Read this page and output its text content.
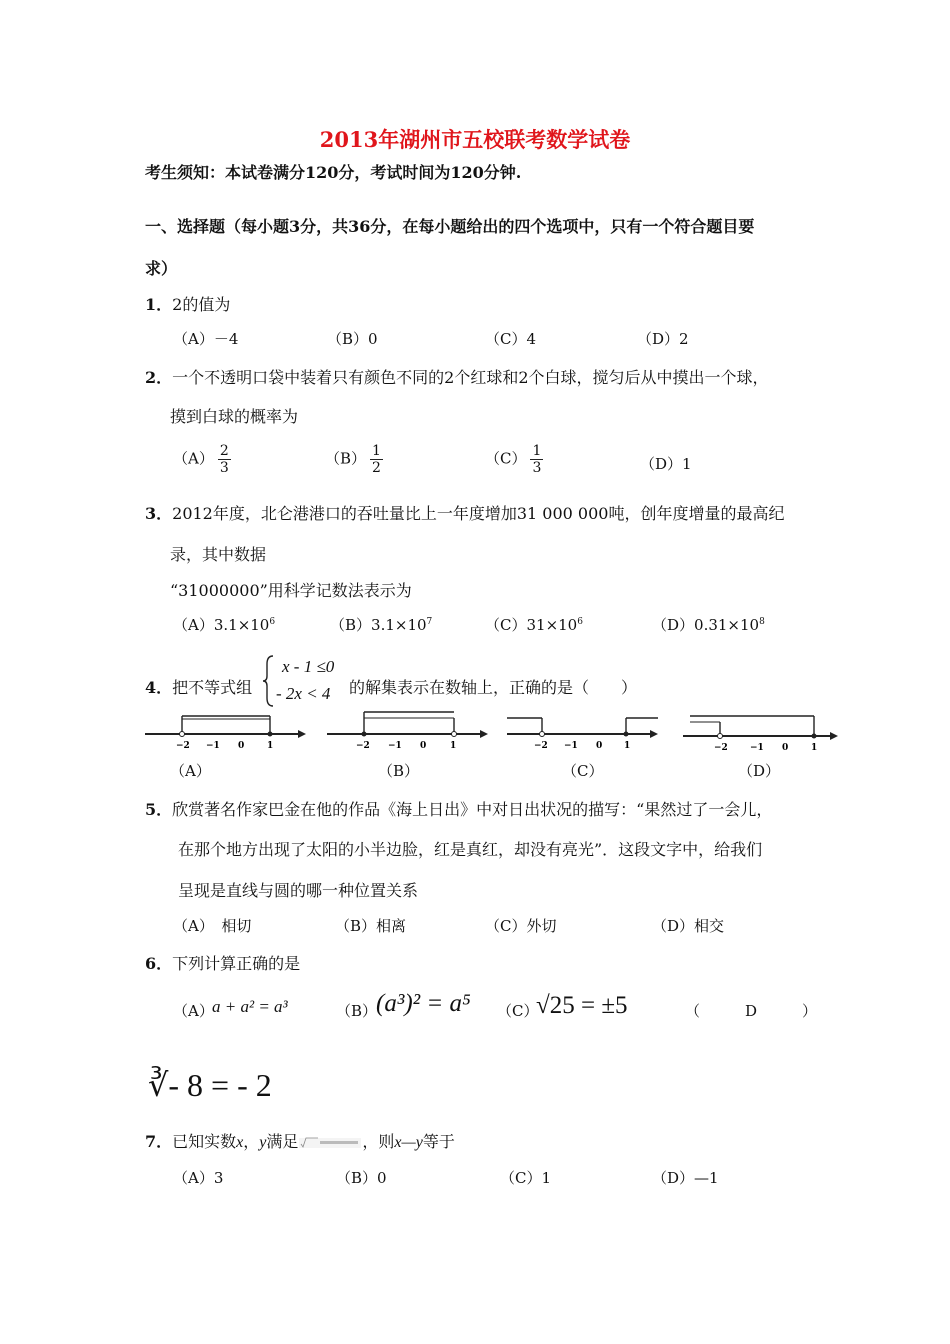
2013年湖州市五校联考数学试卷
考生须知：本试卷满分120分，考试时间为120分钟.
一、选择题（每小题3分，共36分，在每小题给出的四个选项中，只有一个符合题目要
求）
1．2的值为
（A）－4	（B）0	（C）4	（D）2
2．一个不透明口袋中装着只有颜色不同的2个红球和2个白球，搅匀后从中摸出一个球，
摸到白球的概率为
$(A) \frac{2}{3}$	$(B) \frac{1}{2}$	$(C) \frac{1}{3}$	（D）1
3．2012年度，北仑港港口的吞吐量比上一年度增加31 000 000吨，创年度增量的最高纪
录，其中数据
“31000000”用科学记数法表示为
$(A)3.1\times 10^6$	$(B)3.1\times 10^7$	$(C)31\times 10^6$	$(D)0.31\times 10^8$
4．把不等式组
x - 1 ≤0
- 2x < 4 的解集表示在数轴上，正确的是（　　）
−2 −1 0	1	−2 −1 0	1	−2 −1 0 1	−2 −1 0	1
（A）	（B）	（C）	（D）
5．欣赏著名作家巴金在他的作品《海上日出》中对日出状况的描写：“果然过了一会儿，
在那个地方出现了太阳的小半边脸，红是真红，却没有亮光”．这段文字中，给我们
呈现是直线与圆的哪一种位置关系
（A）　相切	（B）相离	（C）外切	（D）相交
6．下列计算正确的是
（A）
a + a² = a³	（B）
(a³)² = a⁵ （C）
√25 = ±5	（　　　D　　　）
∛- 8 = - 2
7．已知实数x，y满足	，则x—y等于
（A）3	（B）0	（C）1	（D）—1
